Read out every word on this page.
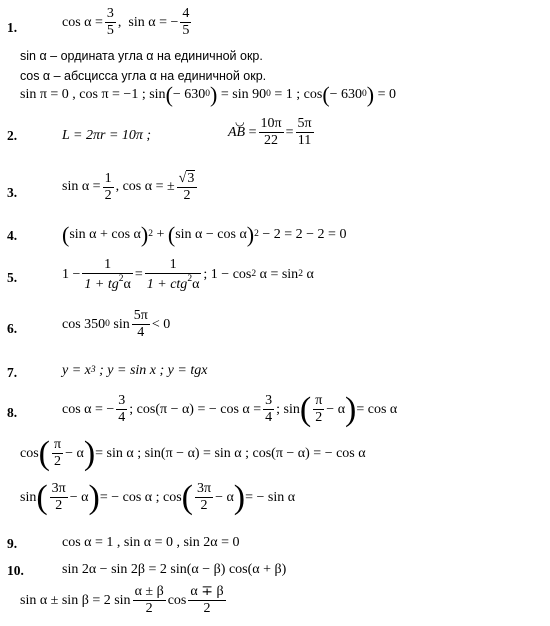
1.
2.
3.
4.
5.
6.
7.
8.
9.
10.
$\cos \alpha = \frac{3}{5}$ ,
sin α = − $\frac{4}{5}$
sin α – ордината угла α на единичной окр.
cos α – абсцисса угла α на единичной окр.
sin π = 0 , cos π = −1 ;
sin ( − 630 0 )
= sin 90 0
= 1 ; cos ( − 630 0 )
= 0
L = 2πr = 10π ;
◡
AB
= $\frac{10\pi}{22} = \frac{5\pi}{11}$
$\sin \alpha = \frac{1}{2}$ , cos α = ± $\frac{√3}{2}$
( sin α + cos α ) 2
+
( sin α − cos α ) 2
− 2 = 2 − 2 = 0
$1 - \frac{1}{1 + tg^2\alpha} = \frac{1}{1 + ctg^2\alpha}$ ; 1 − cos 2
α = sin 2
α
cos 350 0
$\sin \frac{5\pi}{4} < 0$
y = x 3
; y = sin x ; y = tgx
cos α = − $\frac{3}{4}$ ; cos(π − α) = − $\cos \alpha = \frac{3}{4}$ ; sin ( $\frac{\pi}{2} - \alpha$ ) = cos α
cos ( $\frac{\pi}{2} - \alpha$ ) = sin α ; sin(π − α) = sin α ; cos(π − α) = − cos α
sin ( $\frac{3\pi}{2} - \alpha$ ) = − cos α ; cos ( $\frac{3\pi}{2} - \alpha$ ) = − sin α
cos α = 1 , sin α = 0 , sin 2α = 0
sin 2α − sin 2β = 2 sin(α − β) cos(α + β)
sin α ± sin β = 2 $\sin \frac{\alpha \pm \beta}{2}$ $\cos \frac{\alpha \mp \beta}{2}$
